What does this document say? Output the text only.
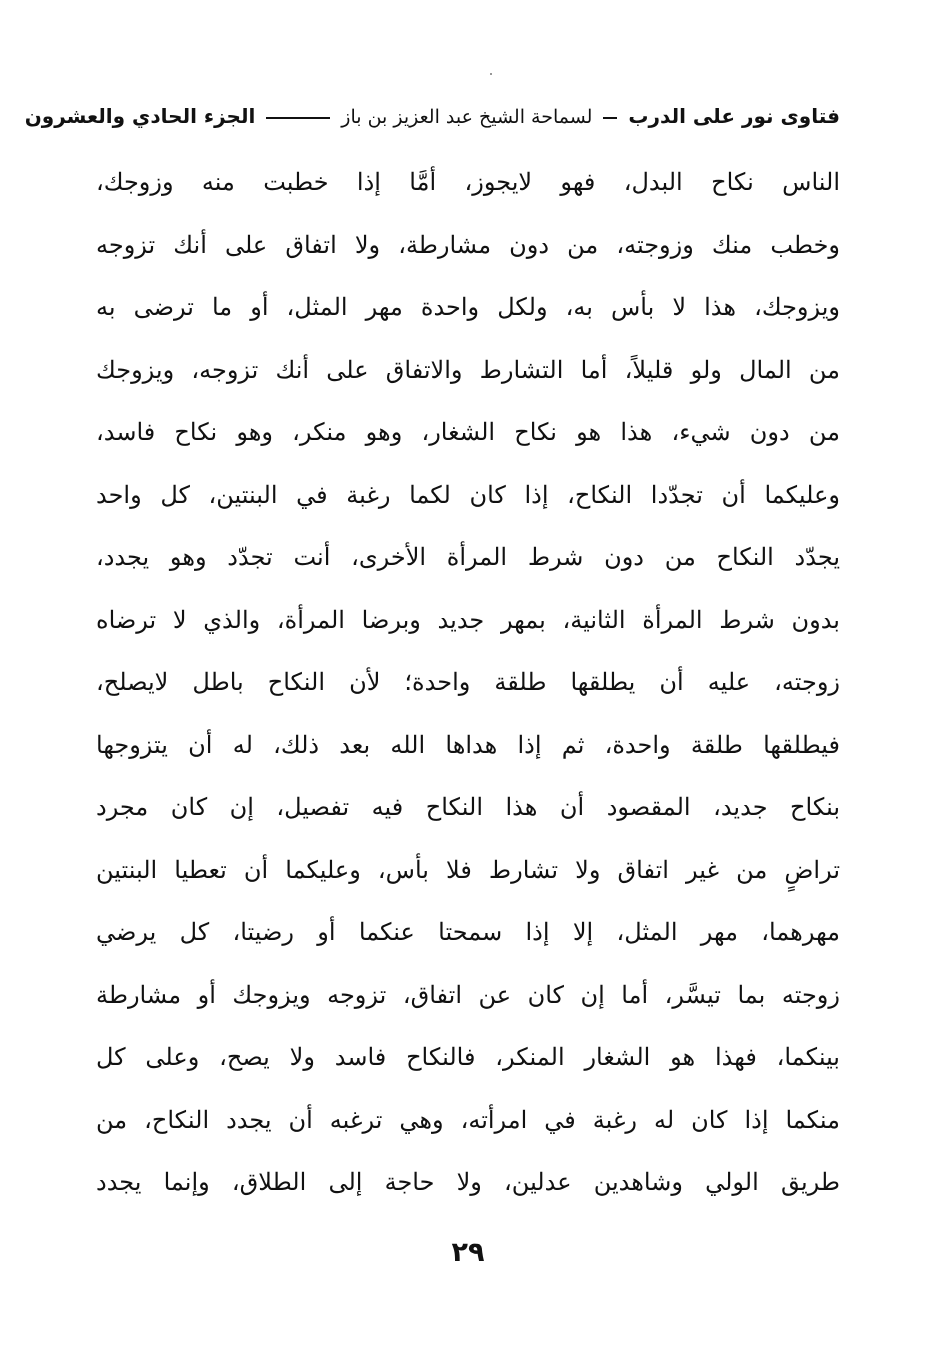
فتاوى نور على الدرب  لسماحة الشيخ عبد العزيز بن باز  الجزء الحادي والعشرون
الناس نكاح البدل، فهو لايجوز، أمَّا إذا خطبت منه وزوجك،
وخطب منك وزوجته، من دون مشارطة، ولا اتفاق على أنك تزوجه
ويزوجك، هذا لا بأس به، ولكل واحدة مهر المثل، أو ما ترضى به
من المال ولو قليلاً، أما التشارط والاتفاق على أنك تزوجه، ويزوجك
من دون شيء، هذا هو نكاح الشغار، وهو منكر، وهو نكاح فاسد،
وعليكما أن تجدّدا النكاح، إذا كان لكما رغبة في البنتين، كل واحد
يجدّد النكاح من دون شرط المرأة الأخرى، أنت تجدّد وهو يجدد،
بدون شرط المرأة الثانية، بمهر جديد وبرضا المرأة، والذي لا ترضاه
زوجته، عليه أن يطلقها طلقة واحدة؛ لأن النكاح باطل لايصلح،
فيطلقها طلقة واحدة، ثم إذا هداها الله بعد ذلك، له أن يتزوجها
بنكاح جديد، المقصود أن هذا النكاح فيه تفصيل، إن كان مجرد
تراضٍ من غير اتفاق ولا تشارط فلا بأس، وعليكما أن تعطيا البنتين
مهرهما، مهر المثل، إلا إذا سمحتا عنكما أو رضيتا، كل يرضي
زوجته بما تيسَّر، أما إن كان عن اتفاق، تزوجه ويزوجك أو مشارطة
بينكما، فهذا هو الشغار المنكر، فالنكاح فاسد ولا يصح، وعلى كل
منكما إذا كان له رغبة في امرأته، وهي ترغبه أن يجدد النكاح، من
طريق الولي وشاهدين عدلين، ولا حاجة إلى الطلاق، وإنما يجدد
٢٩
